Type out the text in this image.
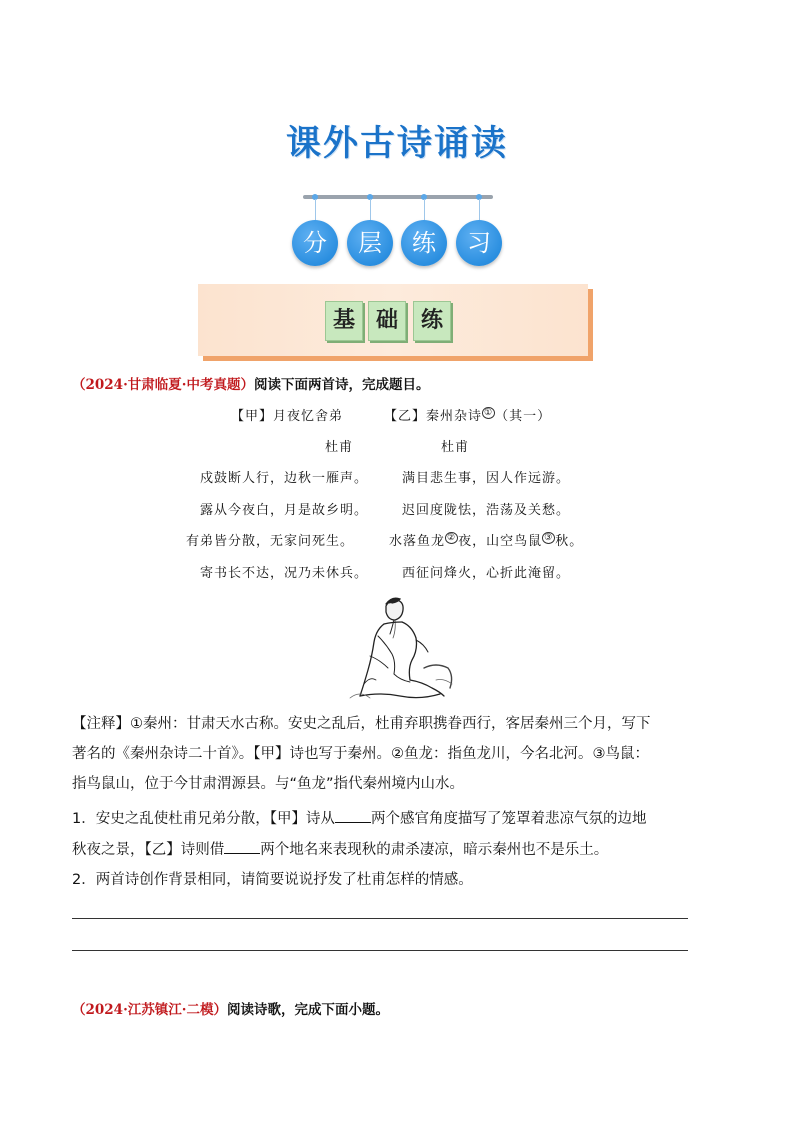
课外古诗诵读
分	层	练	习
基 础	练
（2024·甘肃临夏·中考真题）阅读下面两首诗，完成题目。
【甲】月夜忆舍弟	【乙】秦州杂诗 ① （其一）
杜甫	杜甫
戍鼓断人行，边秋一雁声。	满目悲生事，因人作远游。
露从今夜白，月是故乡明。	迟回度陇怯，浩荡及关愁。
有弟皆分散，无家问死生。	水落鱼龙 ② 夜，山空鸟鼠 ③ 秋。
寄书长不达，况乃未休兵。	西征问烽火，心折此淹留。
【注释】①秦州：甘肃天水古称。安史之乱后，杜甫弃职携眷西行，客居秦州三个月，写下
著名的《秦州杂诗二十首》。【甲】诗也写于秦州。②鱼龙：指鱼龙川，今名北河。③鸟鼠：
指鸟鼠山，位于今甘肃渭源县。与“鱼龙”指代秦州境内山水。
1．安史之乱使杜甫兄弟分散，【甲】诗从 两个感官角度描写了笼罩着悲凉气氛的边地
秋夜之景，【乙】诗则借 两个地名来表现秋的肃杀凄凉，暗示秦州也不是乐土。
2．两首诗创作背景相同，请简要说说抒发了杜甫怎样的情感。
（2024·江苏镇江·二模）阅读诗歌，完成下面小题。
